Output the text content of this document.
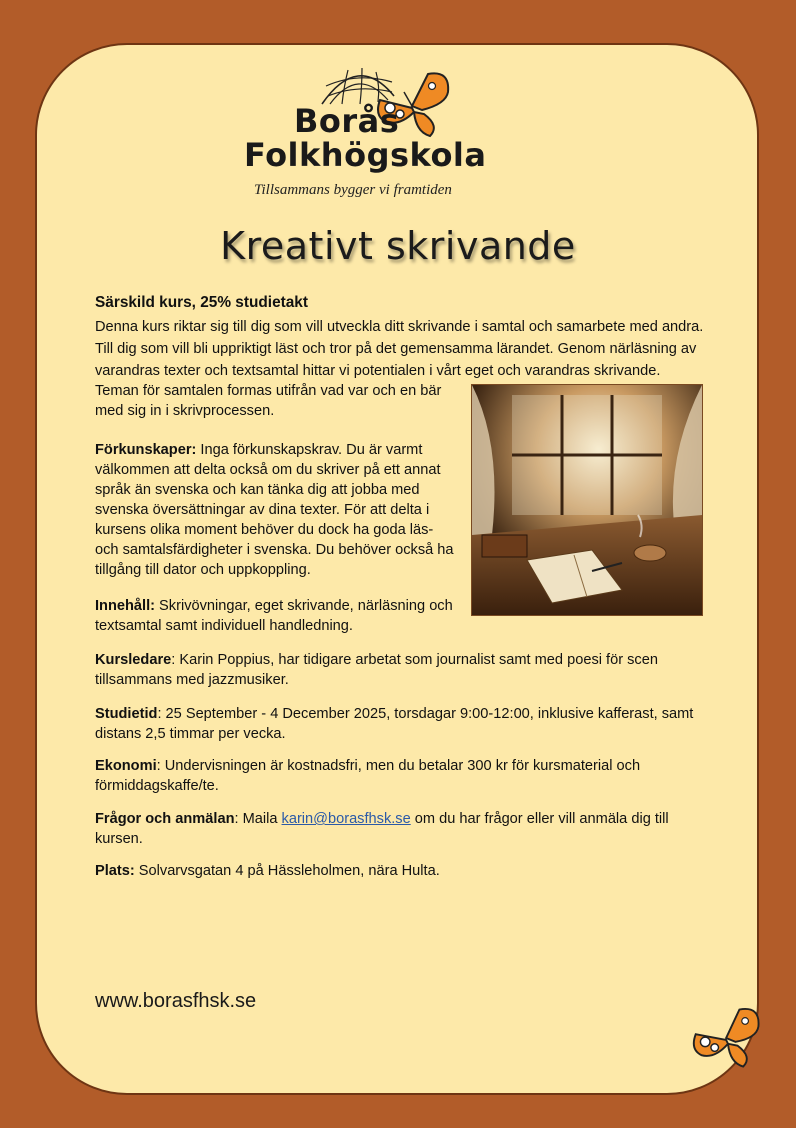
Borås
Folkhögskola
Tillsammans bygger vi framtiden
Kreativt skrivande
Särskild kurs, 25% studietakt
Denna kurs riktar sig till dig som vill utveckla ditt skrivande i samtal och samarbete med andra.
Till dig som vill bli uppriktigt läst och tror på det gemensamma lärandet. Genom närläsning av
varandras texter och textsamtal hittar vi potentialen i vårt eget och varandras skrivande.
Teman för samtalen formas utifrån vad var och en bär
med sig in i skrivprocessen.
Förkunskaper: Inga förkunskapskrav. Du är varmt
välkommen att delta också om du skriver på ett annat
språk än svenska och kan tänka dig att jobba med
svenska översättningar av dina texter. För att delta i
kursens olika moment behöver du dock ha goda läs-
och samtalsfärdigheter i svenska. Du behöver också ha
tillgång till dator och uppkoppling.
Innehåll: Skrivövningar, eget skrivande, närläsning och
textsamtal samt individuell handledning.
Kursledare: Karin Poppius, har tidigare arbetat som journalist samt med poesi för scen
tillsammans med jazzmusiker.
Studietid: 25 September - 4 December 2025, torsdagar 9:00-12:00, inklusive kafferast, samt
distans 2,5 timmar per vecka.
Ekonomi: Undervisningen är kostnadsfri, men du betalar 300 kr för kursmaterial och
förmiddagskaffe/te.
Frågor och anmälan: Maila karin@borasfhsk.se om du har frågor eller vill anmäla dig till
kursen.
Plats: Solvarvsgatan 4 på Hässleholmen, nära Hulta.
www.borasfhsk.se
